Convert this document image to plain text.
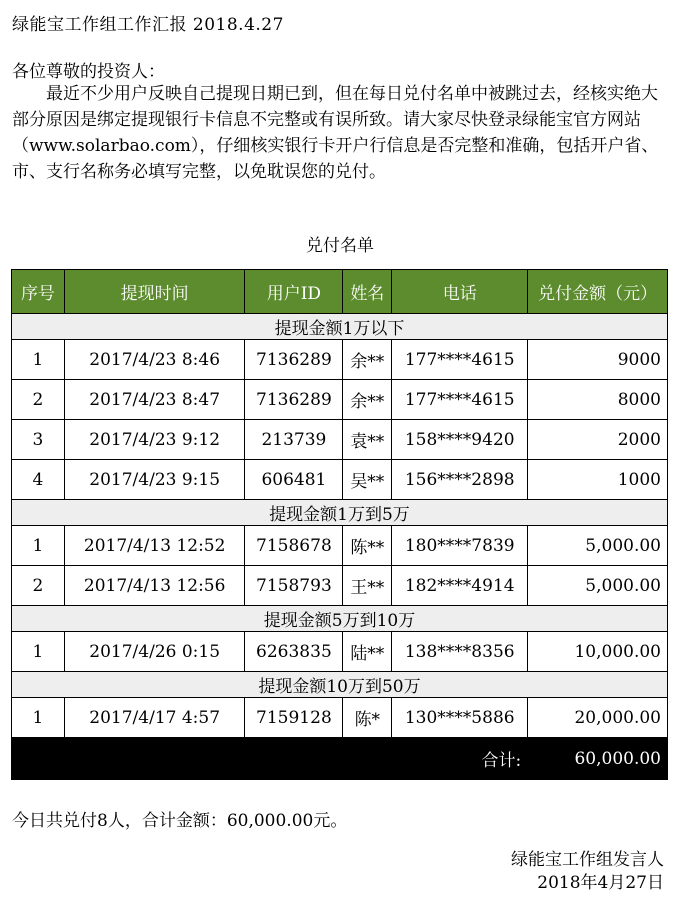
绿能宝工作组工作汇报 2018.4.27
各位尊敬的投资人：

最近不少用户反映自己提现日期已到，但在每日兑付名单中被跳过去，经核实绝大部分原因是绑定提现银行卡信息不完整或有误所致。请大家尽快登录绿能宝官方网站（www.solarbao.com），仔细核实银行卡开户行信息是否完整和准确，包括开户省、市、支行名称务必填写完整，以免耽误您的兑付。

兑付名单
序号	提现时间	用户ID	姓名	电话	兑付金额（元）
提现金额1万以下					
1	2017/4/23 8:46	7136289	余**	177****4615	9000
2	2017/4/23 8:47	7136289	余**	177****4615	8000
3	2017/4/23 9:12	213739	袁**	158****9420	2000
4	2017/4/23 9:15	606481	吴**	156****2898	1000
提现金额1万到5万					
1	2017/4/13 12:52	7158678	陈**	180****7839	5,000.00
2	2017/4/13 12:56	7158793	王**	182****4914	5,000.00
提现金额5万到10万					
1	2017/4/26 0:15	6263835	陆**	138****8356	10,000.00
提现金额10万到50万					
1	2017/4/17 4:57	7159128	陈*	130****5886	20,000.00
合计:					60,000.00
今日共兑付8人，合计金额：60,000.00元。
绿能宝工作组发言人
2018年4月27日
